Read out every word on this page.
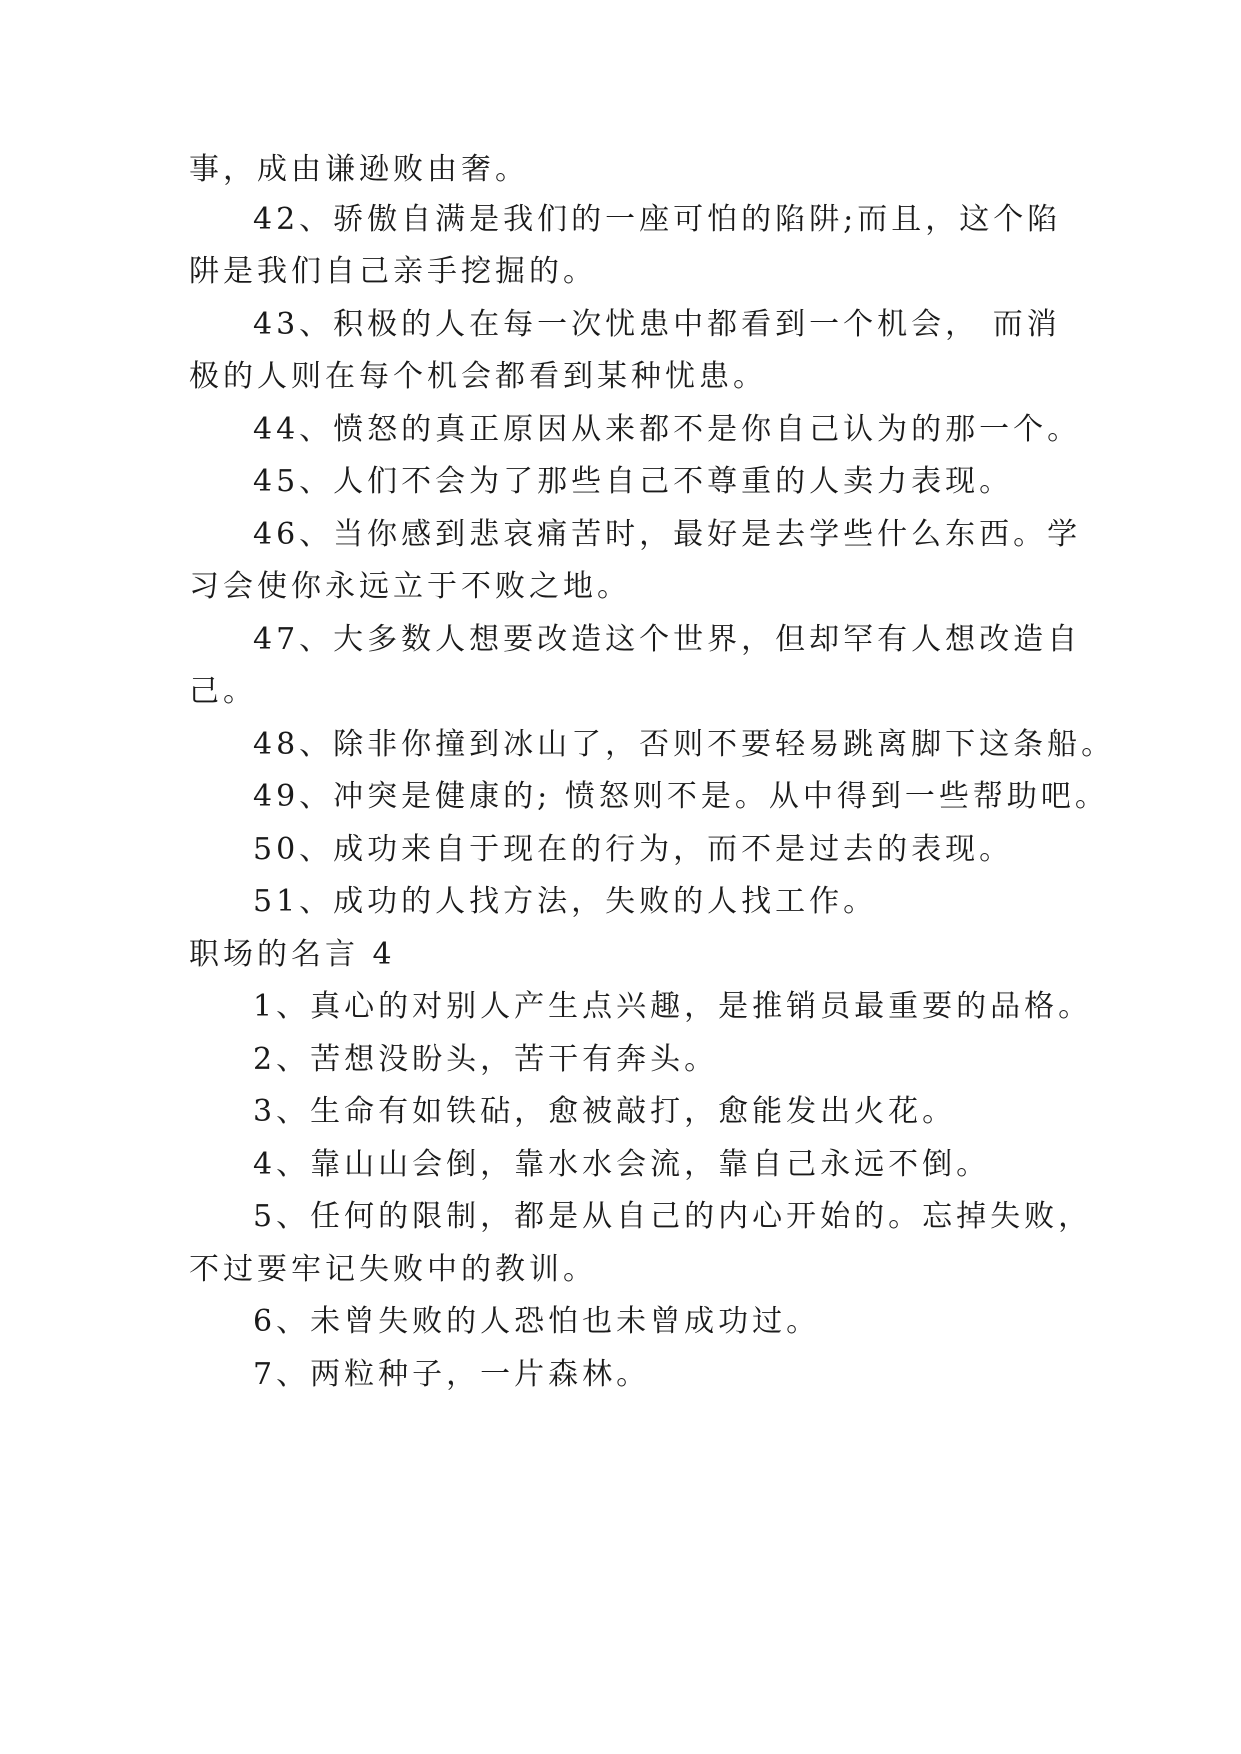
事，成由谦逊败由奢。
42、骄傲自满是我们的一座可怕的陷阱;而且，这个陷
阱是我们自己亲手挖掘的。
43、积极的人在每一次忧患中都看到一个机会， 而消
极的人则在每个机会都看到某种忧患。
44、愤怒的真正原因从来都不是你自己认为的那一个。
45、人们不会为了那些自己不尊重的人卖力表现。
46、当你感到悲哀痛苦时，最好是去学些什么东西。学
习会使你永远立于不败之地。
47、大多数人想要改造这个世界，但却罕有人想改造自
己。
48、除非你撞到冰山了，否则不要轻易跳离脚下这条船。
49、冲突是健康的; 愤怒则不是。从中得到一些帮助吧。
50、成功来自于现在的行为，而不是过去的表现。
51、成功的人找方法，失败的人找工作。
职场的名言 4
1、真心的对别人产生点兴趣，是推销员最重要的品格。
2、苦想没盼头，苦干有奔头。
3、生命有如铁砧，愈被敲打，愈能发出火花。
4、靠山山会倒，靠水水会流，靠自己永远不倒。
5、任何的限制，都是从自己的内心开始的。忘掉失败，
不过要牢记失败中的教训。
6、未曾失败的人恐怕也未曾成功过。
7、两粒种子，一片森林。
